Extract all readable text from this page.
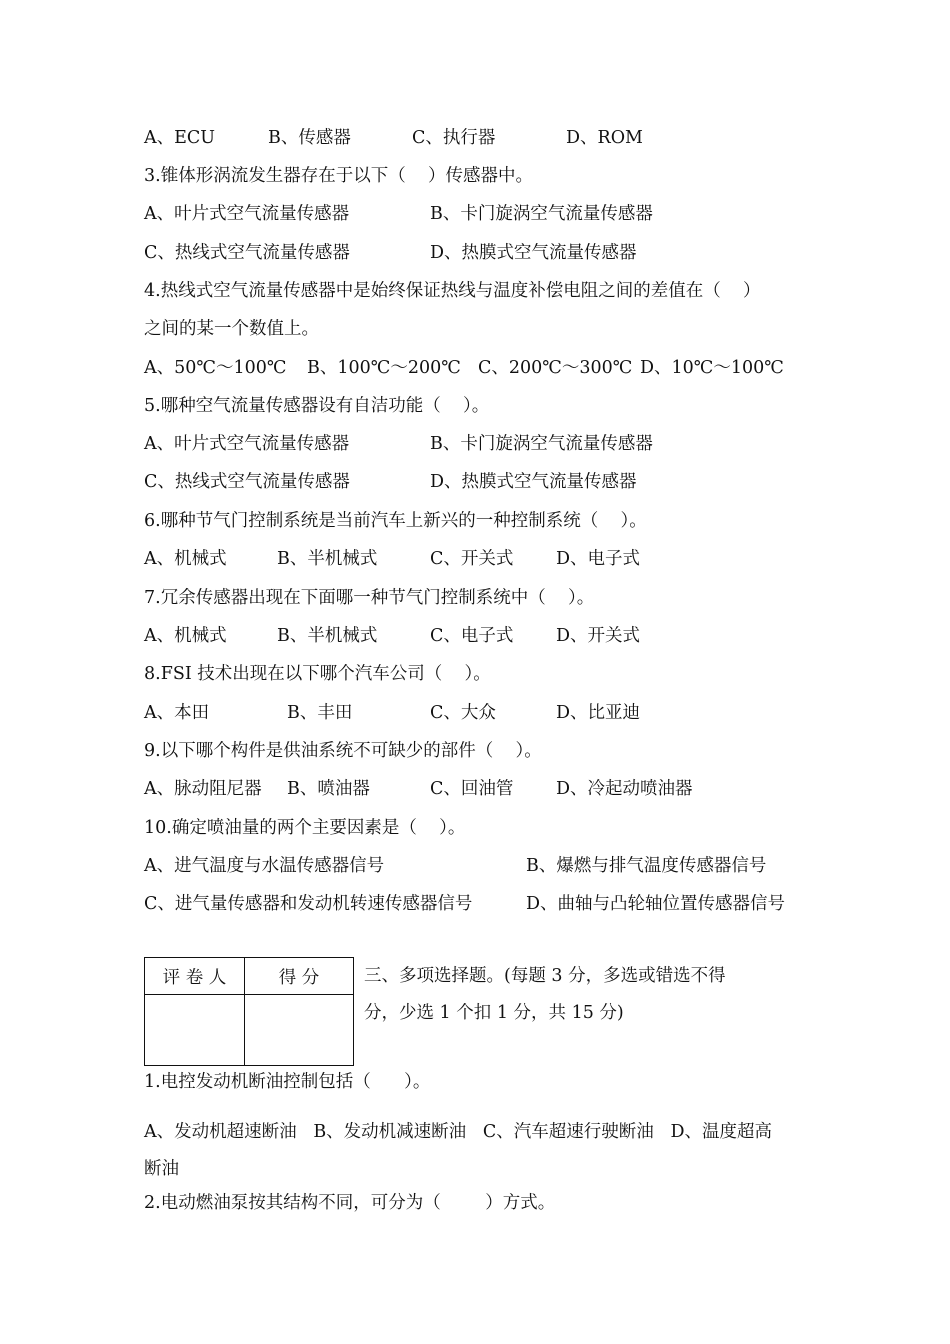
A、ECU	B、传感器	C、执行器	D、ROM
3.锥体形涡流发生器存在于以下（    ）传感器中。
A、叶片式空气流量传感器	B、卡门旋涡空气流量传感器
C、热线式空气流量传感器	D、热膜式空气流量传感器
4.热线式空气流量传感器中是始终保证热线与温度补偿电阻之间的差值在（    ）
之间的某一个数值上。
A、50℃～100℃ B、100℃～200℃ C、200℃～300℃ D、10℃～100℃
5.哪种空气流量传感器设有自洁功能（    ）。
A、叶片式空气流量传感器	B、卡门旋涡空气流量传感器
C、热线式空气流量传感器	D、热膜式空气流量传感器
6.哪种节气门控制系统是当前汽车上新兴的一种控制系统（    ）。
A、机械式	B、半机械式	C、开关式 D、电子式
7.冗余传感器出现在下面哪一种节气门控制系统中（    ）。
A、机械式	B、半机械式	C、电子式 D、开关式
8.FSI 技术出现在以下哪个汽车公司（    ）。
A、本田	B、丰田	C、大众	D、比亚迪
9.以下哪个构件是供油系统不可缺少的部件（    ）。
A、脉动阻尼器 B、喷油器	C、回油管 D、冷起动喷油器
10.确定喷油量的两个主要因素是（    ）。
A、进气温度与水温传感器信号	B、爆燃与排气温度传感器信号
C、进气量传感器和发动机转速传感器信号	D、曲轴与凸轮轴位置传感器信号
评 卷 人	得 分
		三、多项选择题。(每题 3 分，多选或错选不得
分，少选 1 个扣 1 分，共 15 分)
1.电控发动机断油控制包括（      ）。
A、发动机超速断油   B、发动机减速断油   C、汽车超速行驶断油   D、温度超高
断油
2.电动燃油泵按其结构不同，可分为（        ）方式。
